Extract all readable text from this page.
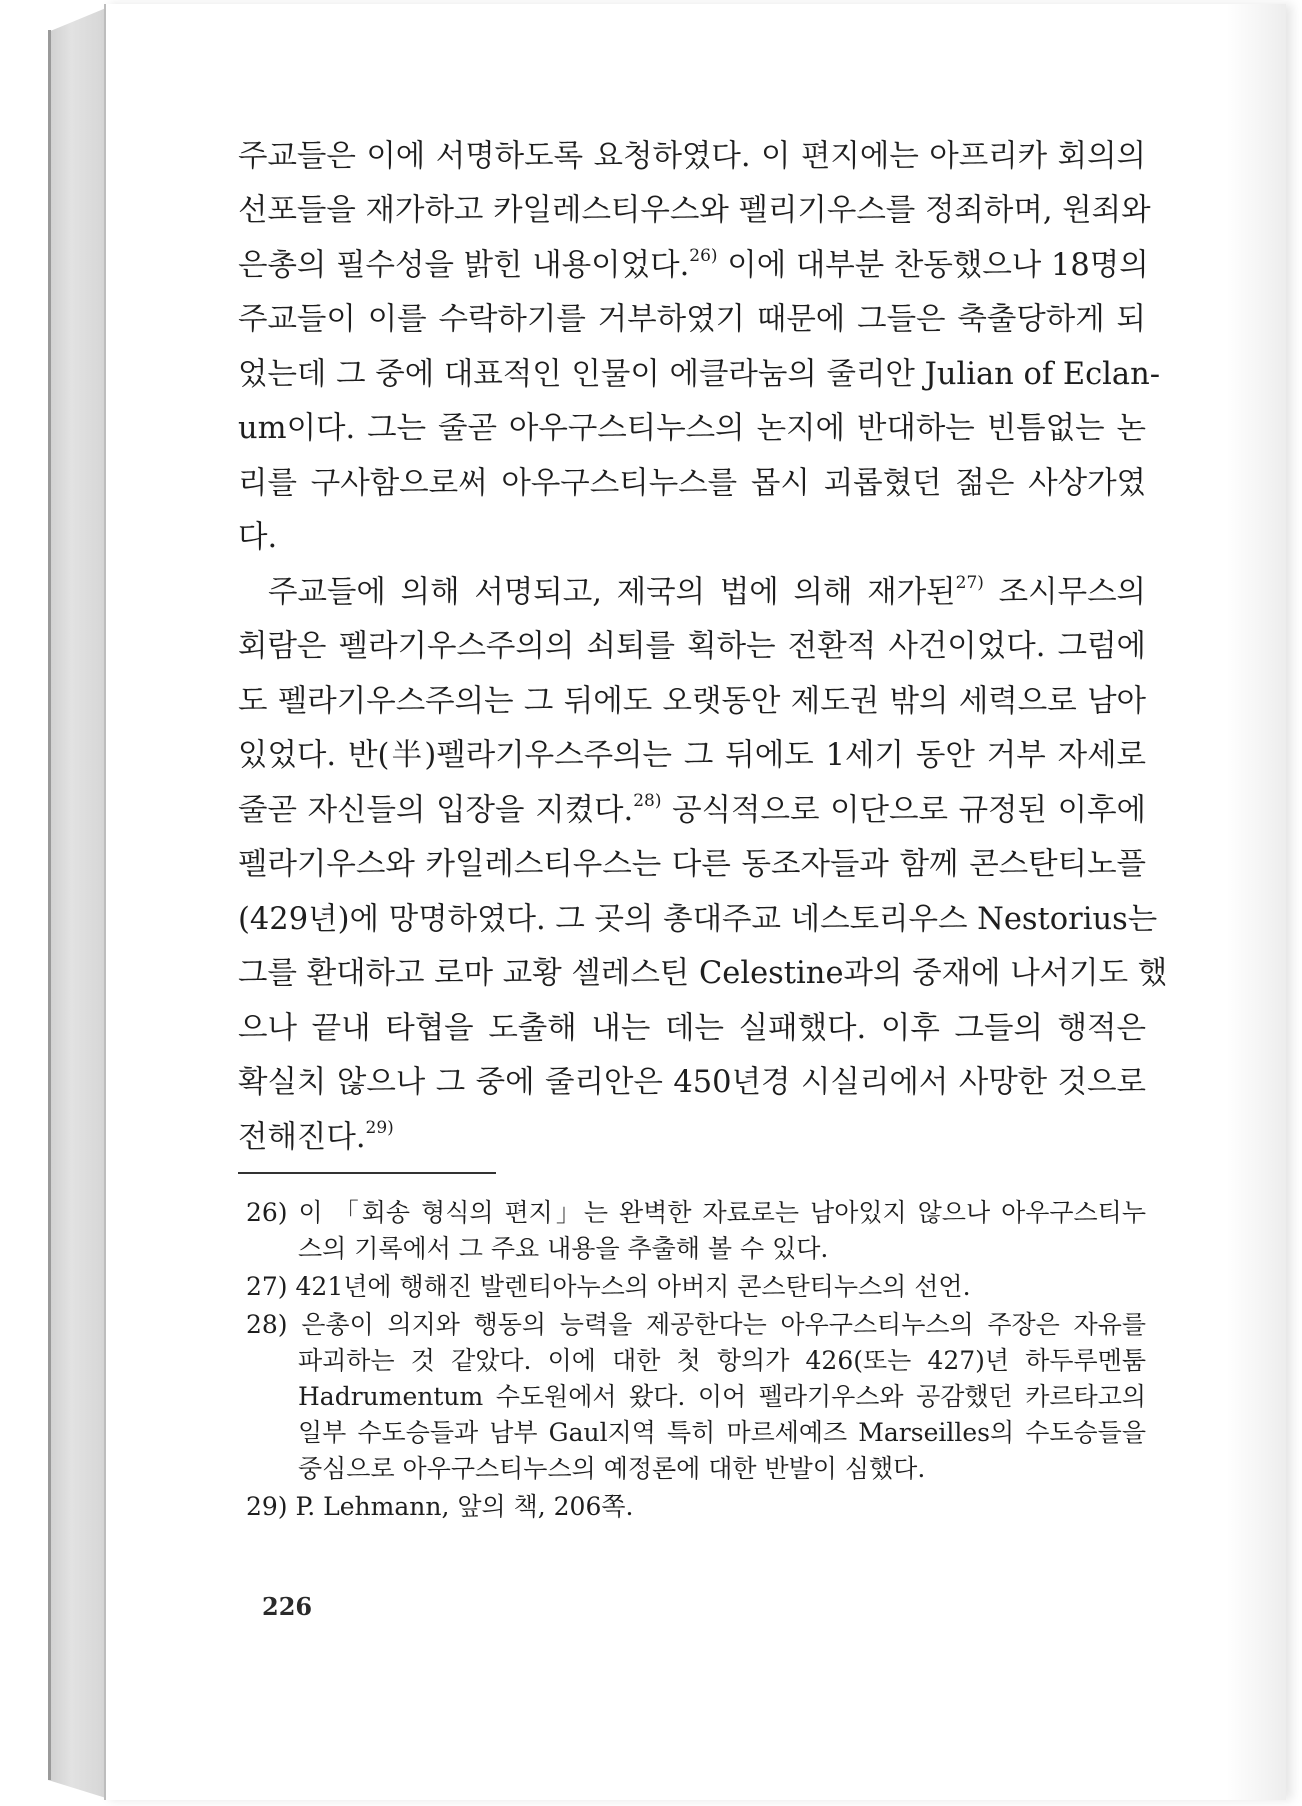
주교들은 이에 서명하도록 요청하였다. 이 편지에는 아프리카 회의의
선포들을 재가하고 카일레스티우스와 펠리기우스를 정죄하며, 원죄와
은총의 필수성을 밝힌 내용이었다.$^{26)}$ 이에 대부분 찬동했으나 18명의
주교들이 이를 수락하기를 거부하였기 때문에 그들은 축출당하게 되
었는데 그 중에 대표적인 인물이 에클라눔의 줄리안 Julian of Eclan-
um이다. 그는 줄곧 아우구스티누스의 논지에 반대하는 빈틈없는 논
리를 구사함으로써 아우구스티누스를 몹시 괴롭혔던 젊은 사상가였
다.
주교들에 의해 서명되고, 제국의 법에 의해 재가된$^{27)}$ 조시무스의
회람은 펠라기우스주의의 쇠퇴를 획하는 전환적 사건이었다. 그럼에
도 펠라기우스주의는 그 뒤에도 오랫동안 제도권 밖의 세력으로 남아
있었다. 반(半)펠라기우스주의는 그 뒤에도 1세기 동안 거부 자세로
줄곧 자신들의 입장을 지켰다.$^{28)}$ 공식적으로 이단으로 규정된 이후에
펠라기우스와 카일레스티우스는 다른 동조자들과 함께 콘스탄티노플
(429년)에 망명하였다. 그 곳의 총대주교 네스토리우스 Nestorius는
그를 환대하고 로마 교황 셀레스틴 Celestine과의 중재에 나서기도 했
으나 끝내 타협을 도출해 내는 데는 실패했다. 이후 그들의 행적은
확실치 않으나 그 중에 줄리안은 450년경 시실리에서 사망한 것으로
전해진다.$^{29)}$
26) 이 「회송 형식의 편지」는 완벽한 자료로는 남아있지 않으나 아우구스티누
스의 기록에서 그 주요 내용을 추출해 볼 수 있다.
27) 421년에 행해진 발렌티아누스의 아버지 콘스탄티누스의 선언.
28) 은총이 의지와 행동의 능력을 제공한다는 아우구스티누스의 주장은 자유를
파괴하는 것 같았다. 이에 대한 첫 항의가 426(또는 427)년 하두루멘툼
Hadrumentum 수도원에서 왔다. 이어 펠라기우스와 공감했던 카르타고의
일부 수도승들과 남부 Gaul지역 특히 마르세예즈 Marseilles의 수도승들을
중심으로 아우구스티누스의 예정론에 대한 반발이 심했다.
29) P. Lehmann, 앞의 책, 206쪽.
226
